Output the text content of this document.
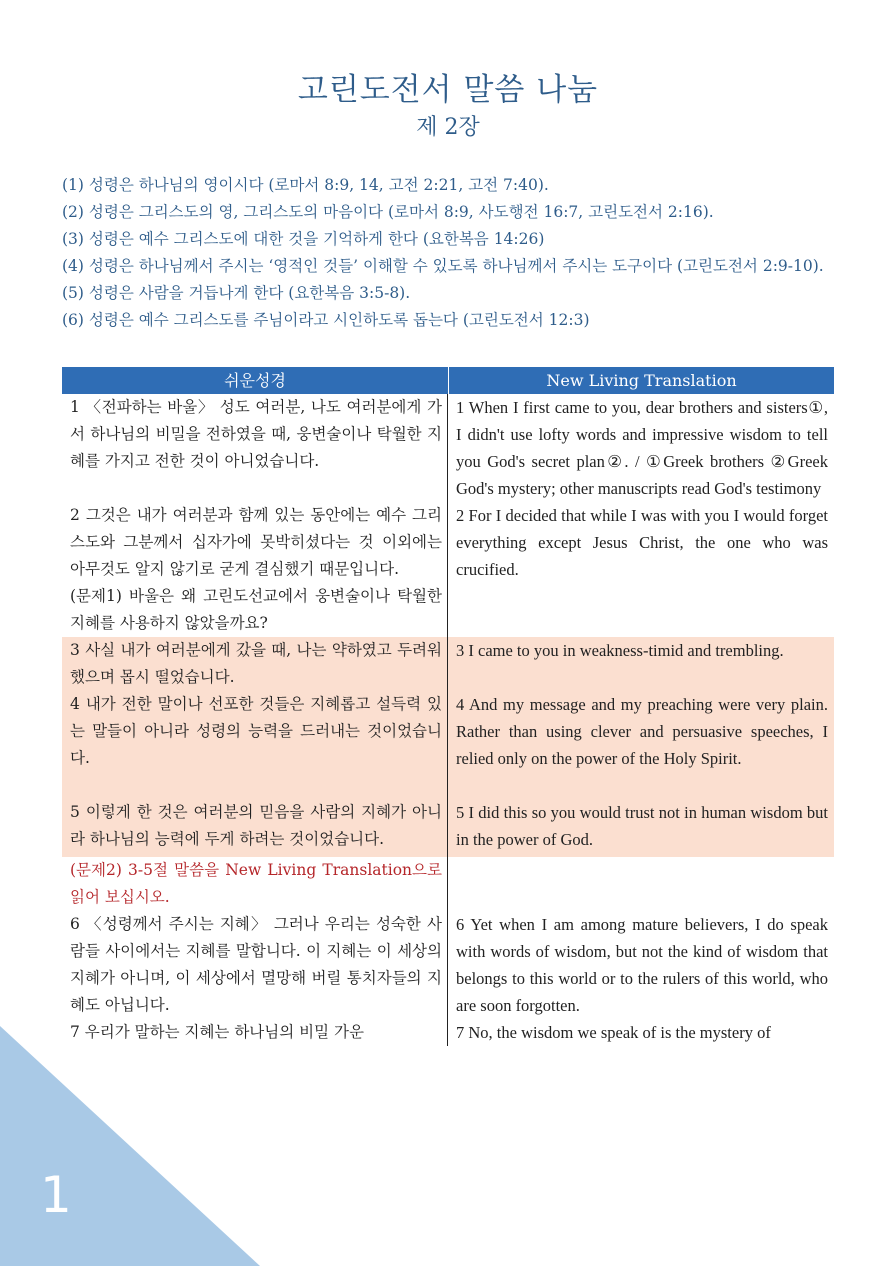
1
고린도전서 말씀 나눔
제 2장
(1) 성령은 하나님의 영이시다 (로마서 8:9, 14, 고전 2:21, 고전 7:40).
(2) 성령은 그리스도의 영, 그리스도의 마음이다 (로마서 8:9, 사도행전 16:7, 고린도전서 2:16).
(3) 성령은 예수 그리스도에 대한 것을 기억하게 한다 (요한복음 14:26)
(4) 성령은 하나님께서 주시는 ‘영적인 것들’ 이해할 수 있도록 하나님께서 주시는 도구이다 (고린도전서 2:9-10).
(5) 성령은 사람을 거듭나게 한다 (요한복음 3:5-8).
(6) 성령은 예수 그리스도를 주님이라고 시인하도록 돕는다 (고린도전서 12:3)
쉬운성경	New Living Translation
1 〈전파하는 바울〉 성도 여러분, 나도 여러분에게 가서 하나님의 비밀을 전하였을 때, 웅변술이나 탁월한 지혜를 가지고 전한 것이 아니었습니다.
1 When I first came to you, dear brothers and sisters①, I didn't use lofty words and impressive wisdom to tell you God's secret plan②. / ①Greek brothers ②Greek God's mystery; other manuscripts read God's testimony
2 그것은 내가 여러분과 함께 있는 동안에는 예수 그리스도와 그분께서 십자가에 못박히셨다는 것 이외에는 아무것도 알지 않기로 굳게 결심했기 때문입니다.
(문제1) 바울은 왜 고린도선교에서 웅변술이나 탁월한 지혜를 사용하지 않았을까요?
2 For I decided that while I was with you I would forget everything except Jesus Christ, the one who was crucified.
3 사실 내가 여러분에게 갔을 때, 나는 약하였고 두려워했으며 몹시 떨었습니다.
3 I came to you in weakness-timid and trembling.
4 내가 전한 말이나 선포한 것들은 지혜롭고 설득력 있는 말들이 아니라 성령의 능력을 드러내는 것이었습니다.
4 And my message and my preaching were very plain. Rather than using clever and persuasive speeches, I relied only on the power of the Holy Spirit.
5 이렇게 한 것은 여러분의 믿음을 사람의 지혜가 아니라 하나님의 능력에 두게 하려는 것이었습니다.
5 I did this so you would trust not in human wisdom but in the power of God.
(문제2) 3-5절 말씀을 New Living Translation으로 읽어 보십시오.
6 〈성령께서 주시는 지혜〉 그러나 우리는 성숙한 사람들 사이에서는 지혜를 말합니다. 이 지혜는 이 세상의 지혜가 아니며, 이 세상에서 멸망해 버릴 통치자들의 지혜도 아닙니다.
6 Yet when I am among mature believers, I do speak with words of wisdom, but not the kind of wisdom that belongs to this world or to the rulers of this world, who are soon forgotten.
7 우리가 말하는 지혜는 하나님의 비밀 가운	7 No, the wisdom we speak of is the mystery of
